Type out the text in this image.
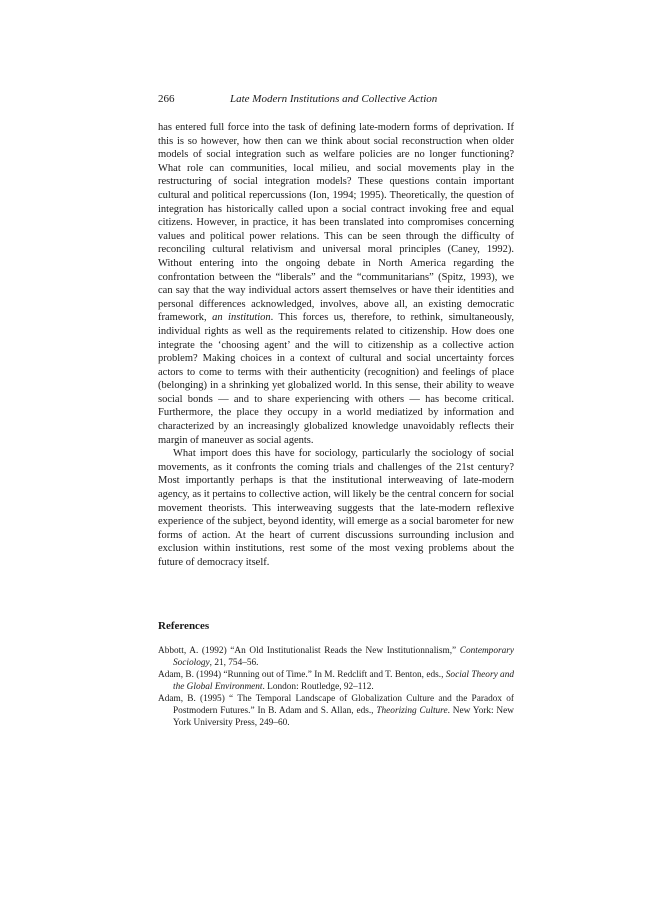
266	Late Modern Institutions and Collective Action

has entered full force into the task of defining late-modern forms of deprivation. If this is so however, how then can we think about social reconstruction when older models of social integration such as welfare policies are no longer functioning? What role can communities, local milieu, and social movements play in the restructuring of social integration models? These questions contain important cultural and political repercussions (Ion, 1994; 1995). Theoretically, the question of integration has historically called upon a social contract invoking free and equal citizens. However, in practice, it has been translated into compromises concerning values and political power relations. This can be seen through the difficulty of reconciling cultural relativism and universal moral principles (Caney, 1992). Without entering into the ongoing debate in North America regarding the confrontation between the “liberals” and the “communitarians” (Spitz, 1993), we can say that the way individual actors assert themselves or have their identities and personal differences acknowledged, involves, above all, an existing democratic framework, an institution. This forces us, therefore, to rethink, simultaneously, individual rights as well as the requirements related to citizenship. How does one integrate the ‘choosing agent’ and the will to citizenship as a collective action problem? Making choices in a context of cultural and social uncertainty forces actors to come to terms with their authenticity (recognition) and feelings of place (belonging) in a shrinking yet globalized world. In this sense, their ability to weave social bonds — and to share experiencing with others — has become critical. Furthermore, the place they occupy in a world mediatized by information and characterized by an increasingly globalized knowledge unavoidably reflects their margin of maneuver as social agents.

What import does this have for sociology, particularly the sociology of social movements, as it confronts the coming trials and challenges of the 21st century? Most importantly perhaps is that the institutional interweaving of late-modern agency, as it pertains to collective action, will likely be the central concern for social movement theorists. This interweaving suggests that the late-modern reflexive experience of the subject, beyond identity, will emerge as a social barometer for new forms of action. At the heart of current discussions surrounding inclusion and exclusion within institutions, rest some of the most vexing problems about the future of democracy itself.

References

Abbott, A. (1992) “An Old Institutionalist Reads the New Institutionnalism,” Contemporary Sociology, 21, 754–56.

Adam, B. (1994) “Running out of Time.” In M. Redclift and T. Benton, eds., Social Theory and the Global Environment. London: Routledge, 92–112.

Adam, B. (1995) “ The Temporal Landscape of Globalization Culture and the Paradox of Postmodern Futures.” In B. Adam and S. Allan, eds., Theorizing Culture. New York: New York University Press, 249–60.
